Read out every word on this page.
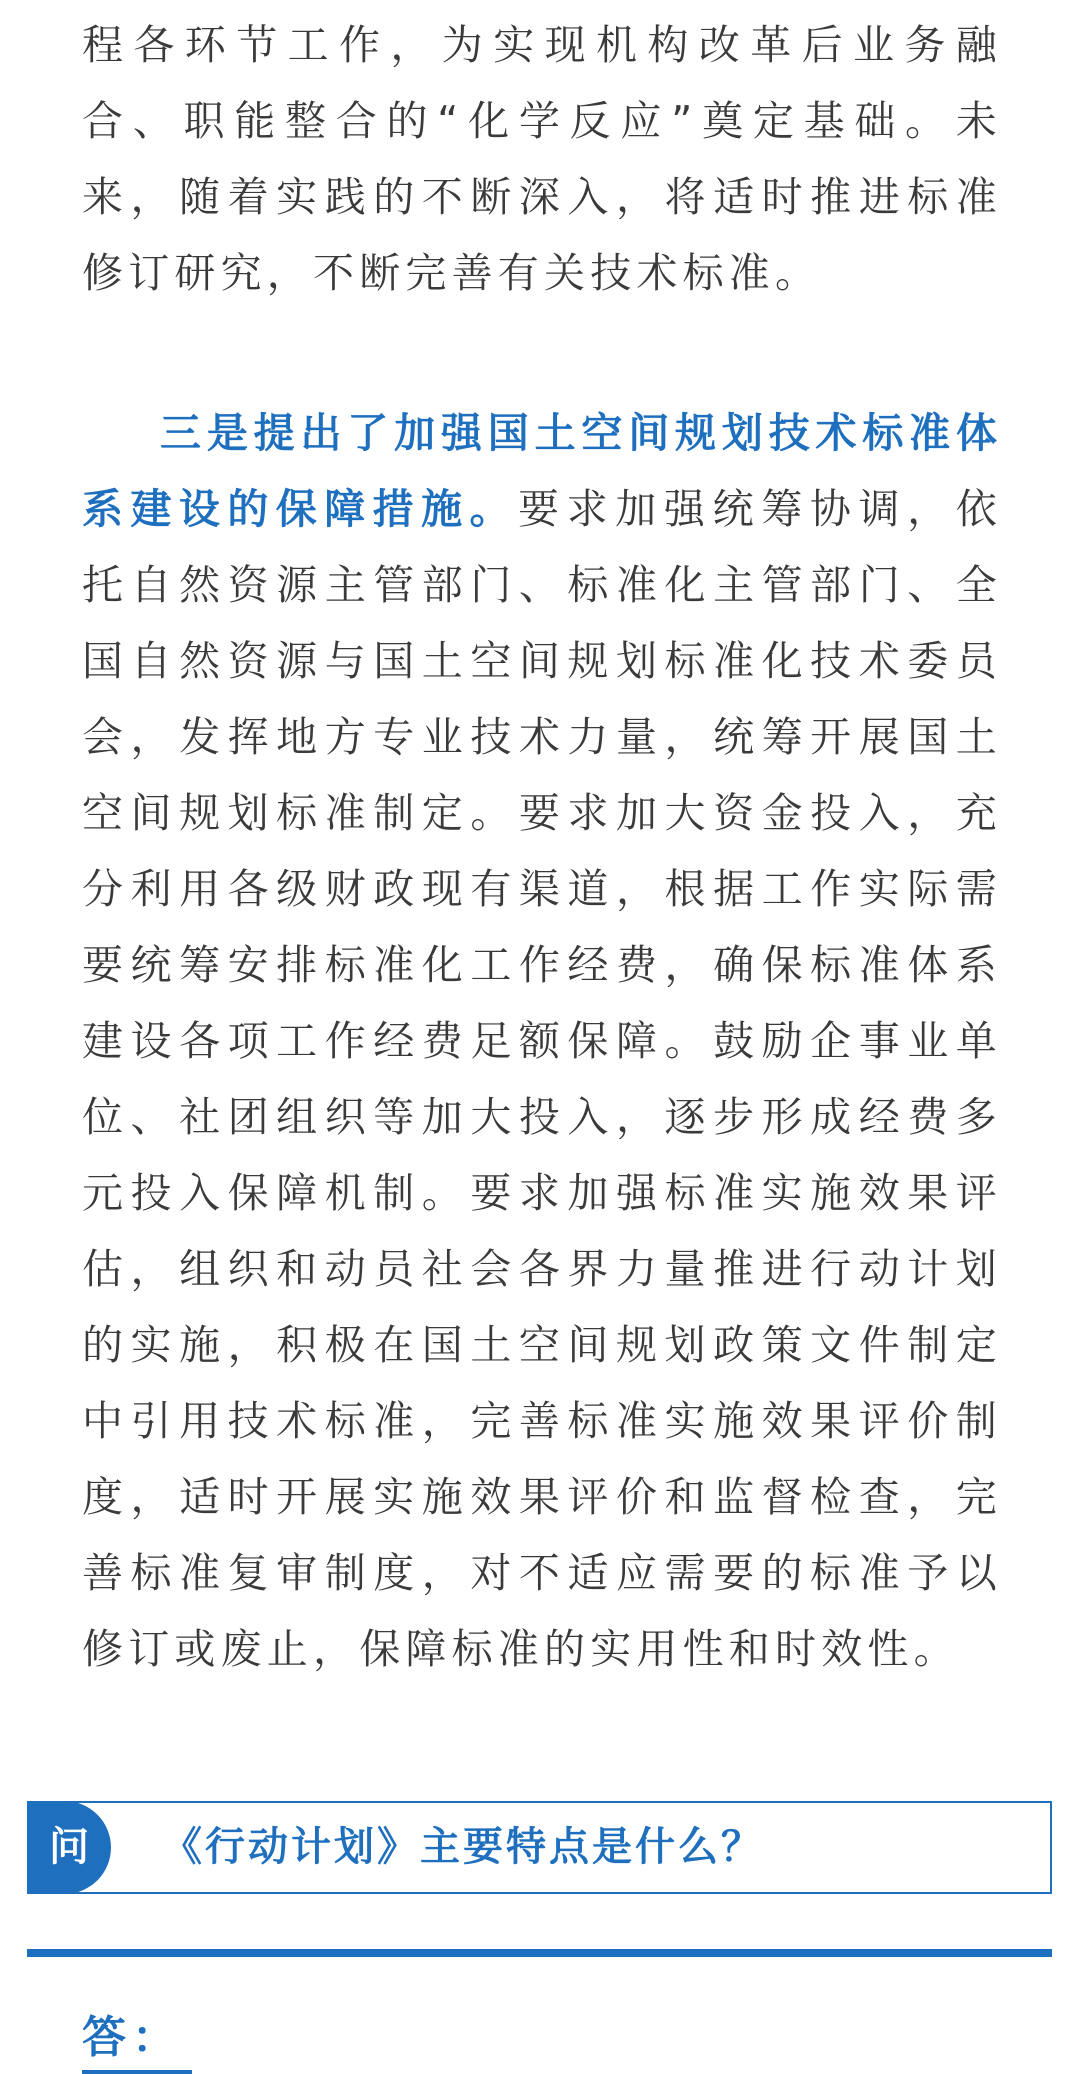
程各环节工作，为实现机构改革后业务融合、职能整合的“化学反应”奠定基础。未来，随着实践的不断深入，将适时推进标准修订研究，不断完善有关技术标准。

三是提出了加强国土空间规划技术标准体系建设的保障措施。要求加强统筹协调，依托自然资源主管部门、标准化主管部门、全国自然资源与国土空间规划标准化技术委员会，发挥地方专业技术力量，统筹开展国土空间规划标准制定。要求加大资金投入，充分利用各级财政现有渠道，根据工作实际需要统筹安排标准化工作经费，确保标准体系建设各项工作经费足额保障。鼓励企事业单位、社团组织等加大投入，逐步形成经费多元投入保障机制。要求加强标准实施效果评估，组织和动员社会各界力量推进行动计划的实施，积极在国土空间规划政策文件制定中引用技术标准，完善标准实施效果评价制度，适时开展实施效果评价和监督检查，完善标准复审制度，对不适应需要的标准予以修订或废止，保障标准的实用性和时效性。

问	《行动计划》主要特点是什么？
答：
